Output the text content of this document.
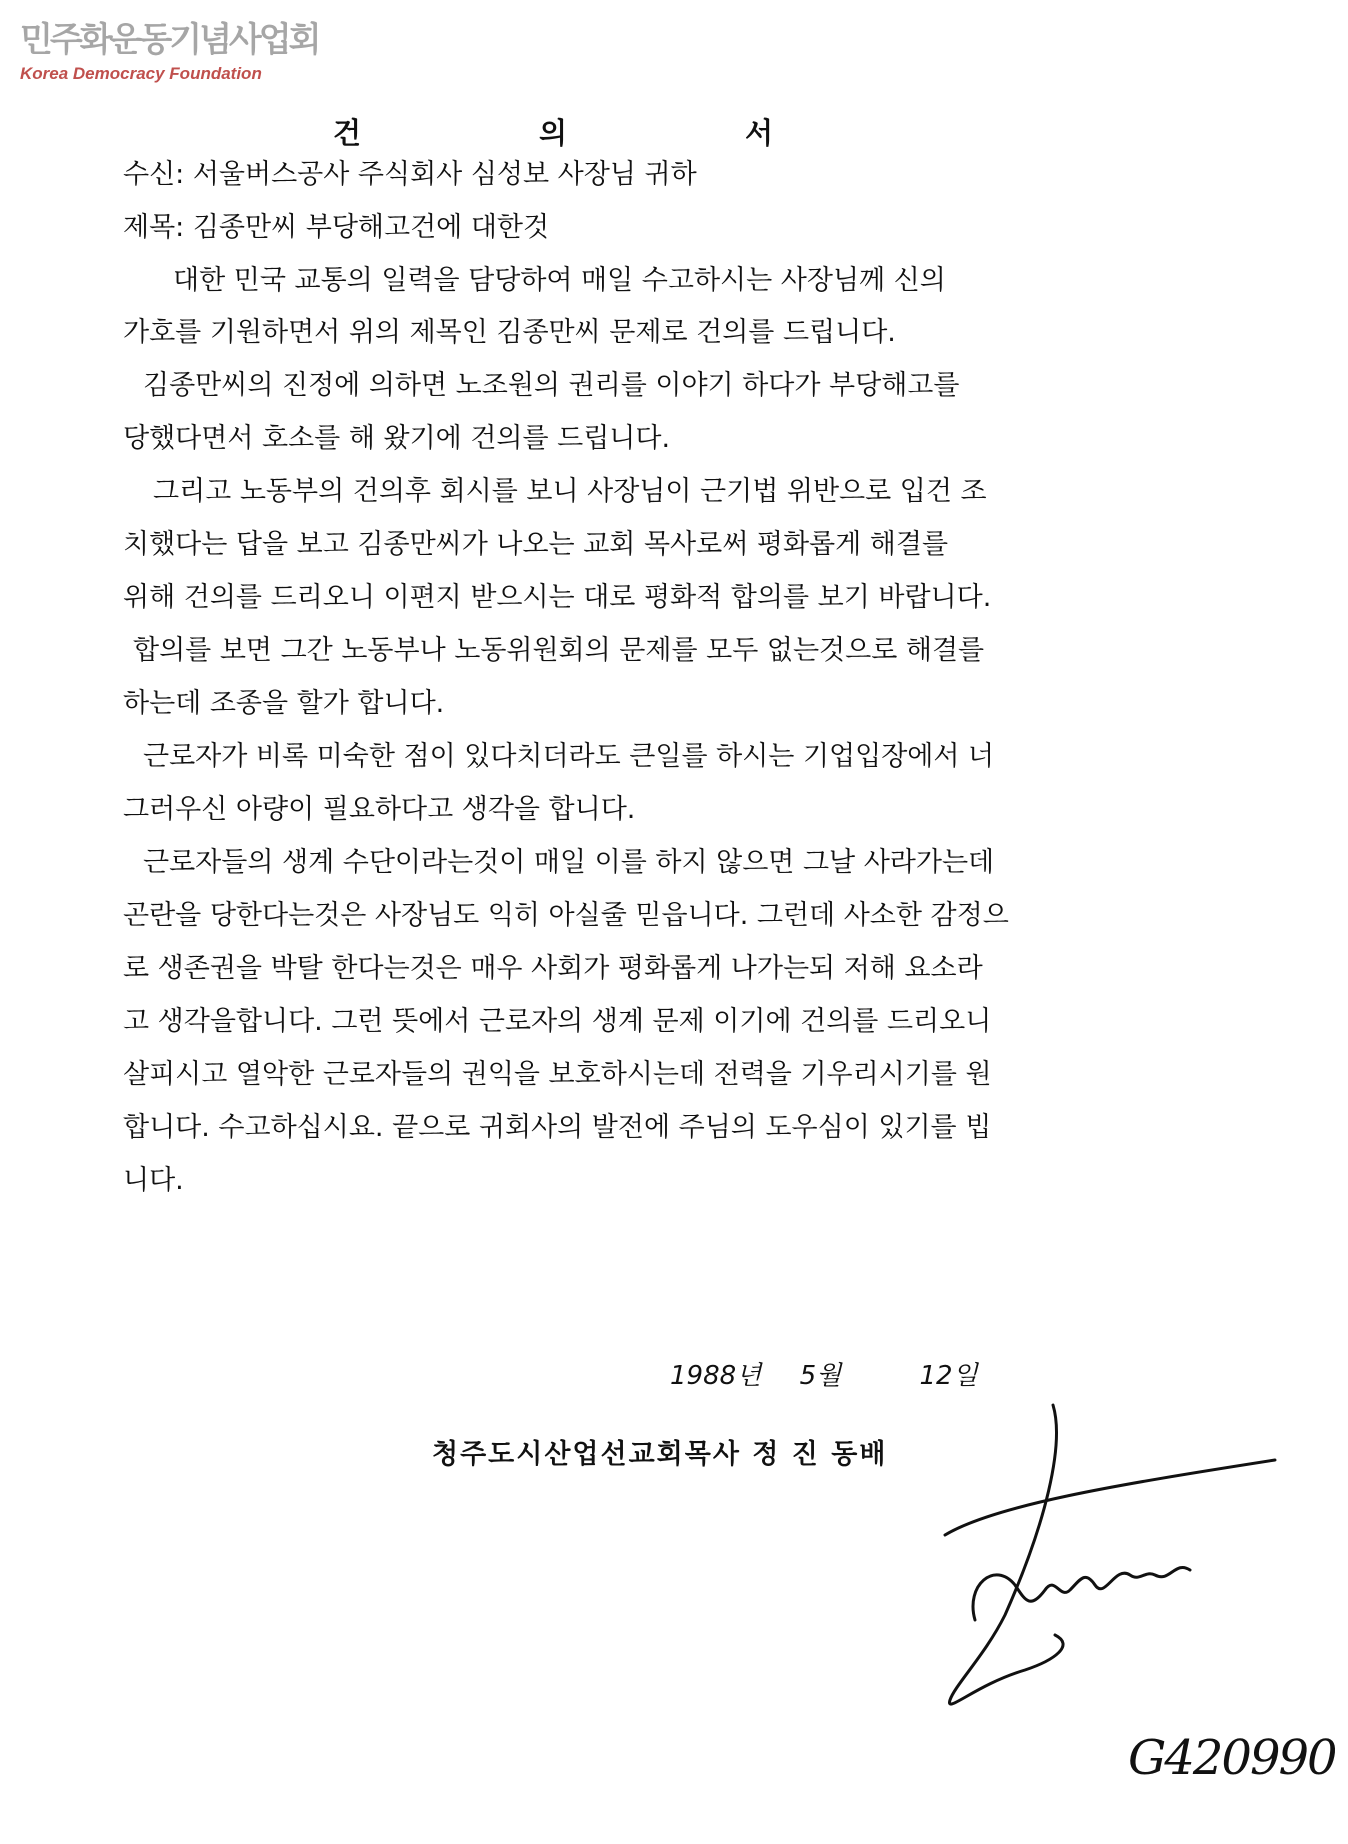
민주화운동기념사업회
Korea Democracy Foundation
건	의	서
수신: 서울버스공사 주식회사 심성보 사장님 귀하
제목: 김종만씨 부당해고건에 대한것
대한 민국 교통의 일력을 담당하여 매일 수고하시는 사장님께 신의
가호를 기원하면서 위의 제목인 김종만씨 문제로 건의를 드립니다.
김종만씨의 진정에 의하면 노조원의 권리를 이야기 하다가 부당해고를
당했다면서 호소를 해 왔기에 건의를 드립니다.
그리고 노동부의 건의후 회시를 보니 사장님이 근기법 위반으로 입건 조
치했다는 답을 보고 김종만씨가 나오는 교회 목사로써 평화롭게 해결를
위해 건의를 드리오니 이편지 받으시는 대로 평화적 합의를 보기 바랍니다.
합의를 보면 그간 노동부나 노동위원회의 문제를 모두 없는것으로 해결를
하는데 조종을 할가 합니다.
근로자가 비록 미숙한 점이 있다치더라도 큰일를 하시는 기업입장에서 너
그러우신 아량이 필요하다고 생각을 합니다.
근로자들의 생계 수단이라는것이 매일 이를 하지 않으면 그날 사라가는데
곤란을 당한다는것은 사장님도 익히 아실줄 믿읍니다. 그런데 사소한 감정으
로 생존권을 박탈 한다는것은 매우 사회가 평화롭게 나가는되 저해 요소라
고 생각을합니다. 그런 뜻에서 근로자의 생계 문제 이기에 건의를 드리오니
살피시고 열악한 근로자들의 권익을 보호하시는데 전력을 기우리시기를 원
합니다. 수고하십시요. 끝으로 귀회사의 발전에 주님의 도우심이 있기를 빕
니다.
1988년 5월	12일
청주도시산업선교회목사 정 진 동배
G420990
